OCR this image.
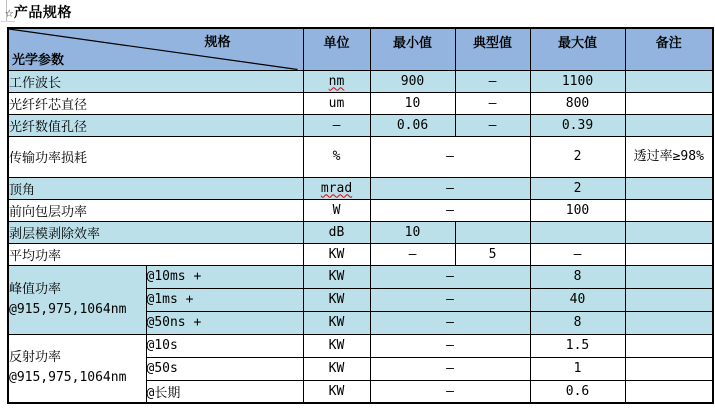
☆产品规格
规格
光学参数		单位	最小值	典型值	最大值	备注
工作波长		nm	900	–	1100	
光纤纤芯直径		um	10	–	800	
光纤数值孔径		–	0.06	–	0.39	
传输功率损耗		%	–		2	透过率≥98%
顶角		mrad	–		2	
前向包层功率		W	–		100	
剥层模剥除效率		dB	10			
平均功率		KW	–	5	–	

峰值功率
@915,975,1064nm	@10ms +	KW	–		8	
	@1ms +	KW	–		40	
	@50ns +	KW	–		8	

反射功率
@915,975,1064nm	@10s	KW	–		1.5	
	@50s	KW	–		1	
	@长期	KW	–		0.6	
